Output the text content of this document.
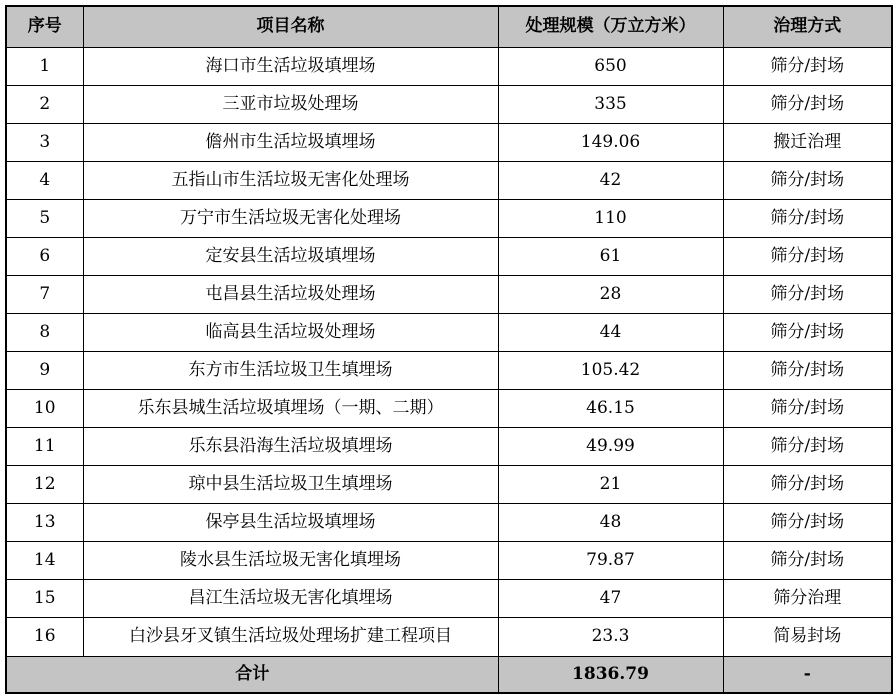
序号	项目名称	处理规模（万立方米）	治理方式
1	海口市生活垃圾填埋场	650	筛分/封场
2	三亚市垃圾处理场	335	筛分/封场
3	儋州市生活垃圾填埋场	149.06	搬迁治理
4	五指山市生活垃圾无害化处理场	42	筛分/封场
5	万宁市生活垃圾无害化处理场	110	筛分/封场
6	定安县生活垃圾填埋场	61	筛分/封场
7	屯昌县生活垃圾处理场	28	筛分/封场
8	临高县生活垃圾处理场	44	筛分/封场
9	东方市生活垃圾卫生填埋场	105.42	筛分/封场
10	乐东县城生活垃圾填埋场（一期、二期）	46.15	筛分/封场
11	乐东县沿海生活垃圾填埋场	49.99	筛分/封场
12	琼中县生活垃圾卫生填埋场	21	筛分/封场
13	保亭县生活垃圾填埋场	48	筛分/封场
14	陵水县生活垃圾无害化填埋场	79.87	筛分/封场
15	昌江生活垃圾无害化填埋场	47	筛分治理
16	白沙县牙叉镇生活垃圾处理场扩建工程项目	23.3	简易封场
合计		1836.79	-
